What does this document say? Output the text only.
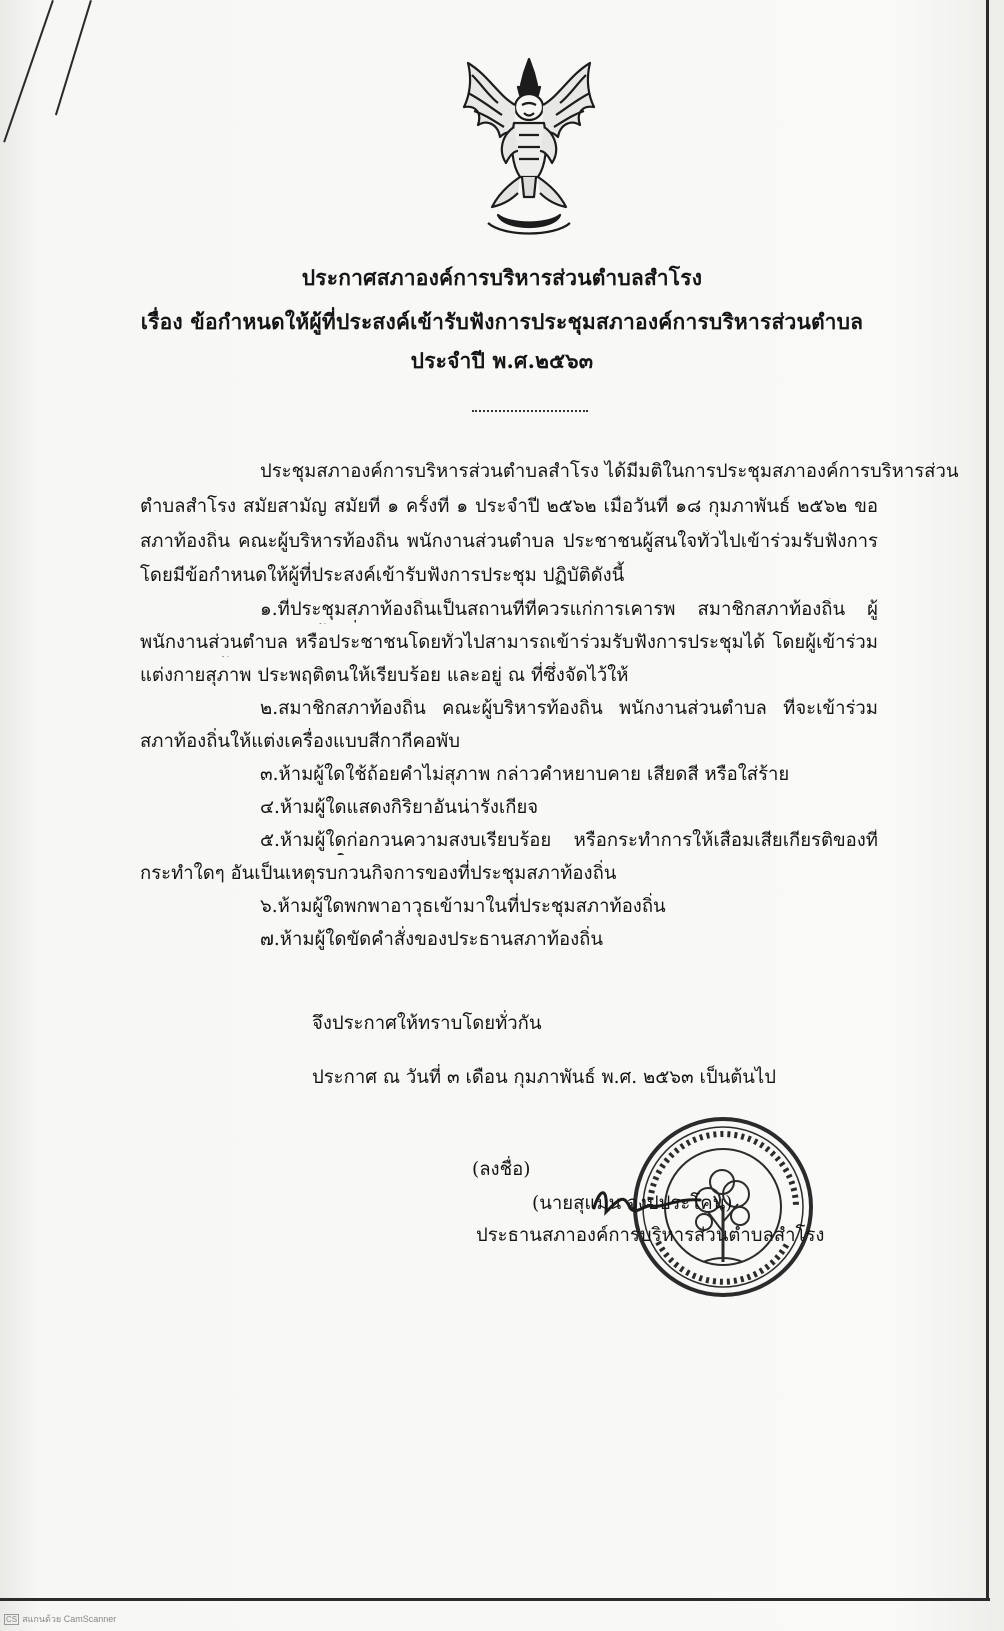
ประกาศสภาองค์การบริหารส่วนตำบลสำโรง
เรื่อง ข้อกำหนดให้ผู้ที่ประสงค์เข้ารับฟังการประชุมสภาองค์การบริหารส่วนตำบล
ประจำปี พ.ศ.๒๕๖๓
ประชุมสภาองค์การบริหารส่วนตำบลสำโรง ได้มีมติในการประชุมสภาองค์การบริหารส่วน
ตำบลสำโรง สมัยสามัญ สมัยที่ ๑ ครั้งที่ ๑ ประจำปี ๒๕๖๒ เมื่อวันที่ ๑๘ กุมภาพันธ์ ๒๕๖๒ ขอ
สภาท้องถิ่น คณะผู้บริหารท้องถิ่น พนักงานส่วนตำบล ประชาชนผู้สนใจทั่วไปเข้าร่วมรับฟังการ
โดยมีข้อกำหนดให้ผู้ที่ประสงค์เข้ารับฟังการประชุม ปฏิบัติดังนี้
๑.ที่ประชุมสภาท้องถิ่นเป็นสถานที่ที่ควรแก่การเคารพ สมาชิกสภาท้องถิ่น ผู้
พนักงานส่วนตำบล หรือประชาชนโดยทั่วไปสามารถเข้าร่วมรับฟังการประชุมได้ โดยผู้เข้าร่วม
แต่งกายสุภาพ ประพฤติตนให้เรียบร้อย และอยู่ ณ ที่ซึ่งจัดไว้ให้
๒.สมาชิกสภาท้องถิ่น คณะผู้บริหารท้องถิ่น พนักงานส่วนตำบล ที่จะเข้าร่วม
สภาท้องถิ่นให้แต่งเครื่องแบบสีกากีคอพับ
๓.ห้ามผู้ใดใช้ถ้อยคำไม่สุภาพ กล่าวคำหยาบคาย เสียดสี หรือใส่ร้าย
๔.ห้ามผู้ใดแสดงกิริยาอันน่ารังเกียจ
๕.ห้ามผู้ใดก่อกวนความสงบเรียบร้อย หรือกระทำการให้เสื่อมเสียเกียรติของที่
กระทำใดๆ อันเป็นเหตุรบกวนกิจการของที่ประชุมสภาท้องถิ่น
๖.ห้ามผู้ใดพกพาอาวุธเข้ามาในที่ประชุมสภาท้องถิ่น
๗.ห้ามผู้ใดขัดคำสั่งของประธานสภาท้องถิ่น
จึงประกาศให้ทราบโดยทั่วกัน
ประกาศ ณ วันที่ ๓ เดือน กุมภาพันธ์ พ.ศ. ๒๕๖๓ เป็นต้นไป
(ลงชื่อ)
(นายสุแมน จงปประโคน)
ประธานสภาองค์การบริหารส่วนตำบลสำโรง
CS สแกนด้วย CamScanner
